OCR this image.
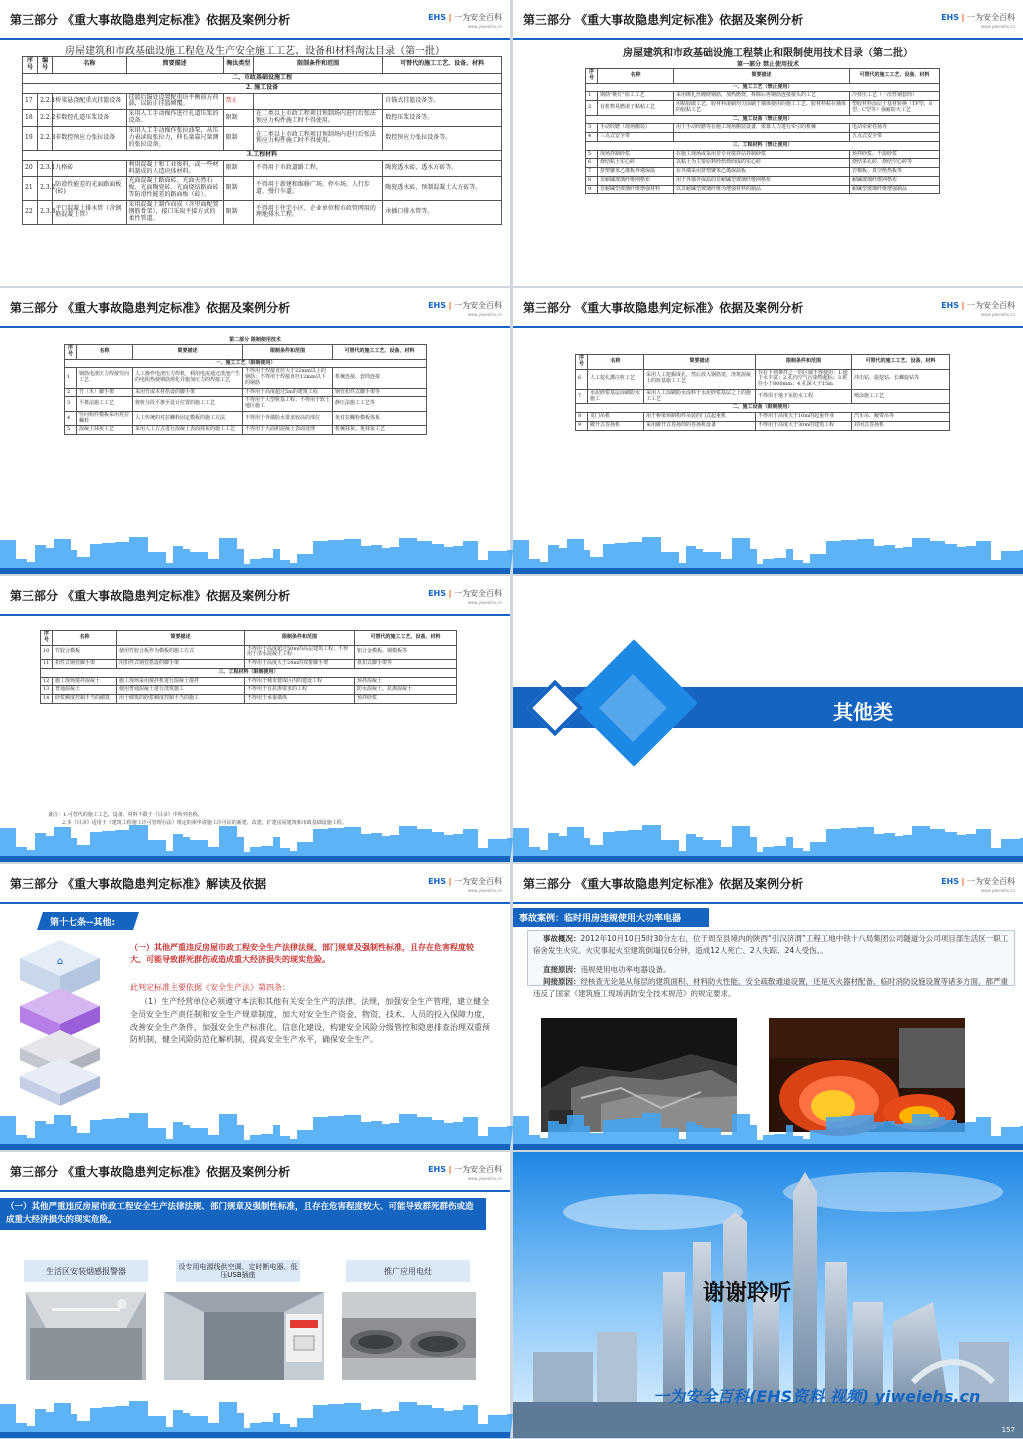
第三部分 《重大事故隐患判定标准》依据及案例分析	EHS | 一为安全百科
www.yiweiehs.cn
房屋建筑和市政基础设施工程危及生产安全施工工艺、设备和材料淘汰目录（第一批）
序号	编号	名称	简要描述	淘汰类型	限制条件和范围	可替代的施工工艺、设备、材料
二、市政基础设施工程						
2. 施工设备						
17	2.2.1	桥梁悬浇配重式挂篮设备	挂篮后锚处设置配重块平衡前方荷载，以防止挂篮倾覆。	禁止		自锚式挂篮设备等。
18	2.2.2	非数控孔道压浆设备	采用人工手动操作进行孔道压浆的设备。	限制	在二类以上市政工程项目预制场内进行后张法预应力构件施工时不得使用。	数控压浆设备等。
19	2.2.3	非数控预应力张拉设备	采用人工手动操作张拉油泵，从压力表读取张拉力，伸长量靠尺量测的张拉设备。	限制	在二类以上市政工程项目预制场内进行后张法预应力构件施工时不得使用。	数控预应力张拉设备等。
3.工程材料						
20	2.3.1	九格砖	利用混凝土和工业废料，或一些材料制成的人造块体材料。	限制	不得用于市政道路工程。	陶瓷透水砖、透水方砖等。
21	2.3.2	防滑性能差的光面路面板(砖)	光面混凝土路面砖、光面天然石板、光面陶瓷砖、光面烧结路面砖等防滑性能差的路面板（砖）。	限制	不得用于新建和维修广场、停车场、人行步道、慢行车道。	陶瓷透水砖、预制混凝土大方砖等。
22	2.3.3	平口混凝土排水管（含钢筋混凝土管）	采用混凝土制作而成（含里面配置钢筋骨架），接口采取平接方式的柔性管道。	限制	不得用于住宅小区、企业单位和市政管网用的埋地排水工程。	承插口排水管等。
第三部分 《重大事故隐患判定标准》依据及案例分析	EHS | 一为安全百科
www.yiweiehs.cn
房屋建筑和市政基础设施工程禁止和限制使用技术目录（第二批）
第一部分 禁止使用技术
序号	名称	简要描述	可替代的施工工艺、设备、材料
一、施工工艺（禁止使用）			
1	钢筋"挑灯"加工工艺	采用绑扎丝缠绕钢筋，加热燃烧，拆除后再钢筋连接接头的工艺	冷挤压工艺（一次性钢套筒）
2	有机物易燃滚子粘帖工艺	用粘胶做工艺、胶材料滚刷均匀涂刷于墙体使用的施工工艺、胶材料粘在墙体的胶粘工艺	塑胶材料涂层于基材转换（TF型、S型、C型等）强耐防火工艺
二、施工设备（禁止使用）			
3	手动绞磨（现场搬装）	用于手动绞磨等在施工现场搬装设备，依靠人力进行牵引的机械	电动牵索卷扬等
4	三点式安全带		五点式安全带
三、工程材料（禁止使用）			
5	现场拌制砂浆	在施工现场或采用非专业搅拌站拌制砂浆	预拌砂浆、干混砂浆
6	烧结粘土实心砖	以粘土为主要原料经焙烧而成的实心砖	烧结多孔砖、烧结空心砖等
7	挤塑聚苯乙烯板外墙保温	在外墙采用挤塑聚苯乙烯保温板	岩棉板、真空绝热板等
8	非耐碱玻璃纤维网格布	用于外墙外保温的非耐碱型玻璃纤维网格布	耐碱玻璃纤维网格布
9	非耐碱型玻璃纤维增强材料	以非耐碱型玻璃纤维为增强材料的制品	耐碱型玻璃纤维增强制品
第三部分 《重大事故隐患判定标准》依据及案例分析	EHS | 一为安全百科
www.yiweiehs.cn
第二部分 限制使用技术
序号	名称	简要描述	限制条件和范围	可替代的施工工艺、设备、材料
一、施工工艺（限制使用）				
1	钢筋电渣压力焊接竖向工艺	人工操作电渣压力焊机，利用电流通过渣池产生的电阻热使钢筋熔化并施加压力的焊接工艺	不得用于焊接直径大于22mm以上的钢筋；不得用于焊接直径12mm以下的钢筋	机械连接、套筒连接
2	竹（木）脚手架	采用竹或木材搭设的脚手架	不得用于高度超过5m的建筑工程	钢管扣件式脚手架等
3	平推法施工工艺	将桩分段平推至设计位置的施工工艺	不得用于大型桩基工程；不得用于软土地区施工	静压法施工工艺等
4	竖向构件模板采用对拉螺栓	人工传统的对拉螺栓固定模板的施工方法	不得用于外墙防水要求较高的部位	免对拉螺栓模板体系
5	混凝土抹灰工艺	采用人工方式进行混凝土表面抹灰的施工工艺	不得用于大面积混凝土表面处理	机械抹灰、免抹灰工艺
第三部分 《重大事故隐患判定标准》依据及案例分析	EHS | 一为安全百科
www.yiweiehs.cn
序号	名称	简要描述	限制条件和范围	可替代的施工工艺、设备、材料
6	人工挖孔灌注桩工艺	采用人工挖掘成孔，然后放入钢筋笼，浇筑混凝土的桩基施工工艺	存在下列条件之一的区域不得使用：1.地下水丰富；2.孔内空气污染物超标；3.桩径小于800mm；4.孔深大于15m	冲击钻、旋挖钻、长螺旋钻等
7	水泥砂浆基层涂刷防水施工	采用人工涂刷防水涂料于水泥砂浆基层之上的施工工艺	不得用于地下室防水工程	喷涂施工工艺
二、施工设备（限制使用）				
8	龙门吊机	用于桥梁预制构件吊装的门式起重机	不得用于高度大于10m的起重作业	汽车吊、履带吊等
9	敞开式卷扬机	采用敞开式卷扬筒的卷扬机设备	不得用于高度大于30m的建筑工程	封闭式卷扬机
第三部分 《重大事故隐患判定标准》依据及案例分析	EHS | 一为安全百科
www.yiweiehs.cn
序号	名称	简要描述	限制条件和范围	可替代的施工工艺、设备、材料
10	竹胶合模板	使用竹胶合板作为模板的施工方式	不得用于高度超过50m的高层建筑工程；不得用于清水混凝土工程	铝合金模板、钢模板等
11	扣件式钢管脚手架	用扣件式钢管搭设的脚手架	不得用于高度大于24m的双排脚手架	盘扣式脚手架等
三、工程材料（限制使用）				
12	施工现场搅拌混凝土	施工现场采用搅拌机进行混凝土搅拌	不得用于城市建成区内的建设工程	预拌混凝土
13	普通混凝土	使用普通混凝土进行浇筑施工	不得用于有抗渗要求的工程	防水混凝土、抗渗混凝土
14	砂浆稠度控制不当的砌筑	用于砌筑的砂浆稠度控制不当的施工	不得用于承重墙体	预拌砂浆
备注：1.可替代的施工工艺、设备、材料不限于《目录》中所列名称。
2.本《目录》适用于《建筑工程施工许可管理办法》规定的须申请施工许可证的新建、改建、扩建房屋建筑和市政基础设施工程。
其他类
第三部分 《重大事故隐患判定标准》解读及依据	EHS | 一为安全百科
www.yiweiehs.cn
第十七条--其他:
⌂
（一）其他严重违反房屋市政工程安全生产法律法规、部门规章及强制性标准，且存在危害程度较大、可能导致群死群伤或造成重大经济损失的现实危险。
此判定标准主要依据《安全生产法》第四条：
（1）生产经营单位必须遵守本法和其他有关安全生产的法律、法规，加强安全生产管理，建立健全全员安全生产责任制和安全生产规章制度，加大对安全生产资金、物资、技术、人员的投入保障力度，改善安全生产条件，加强安全生产标准化、信息化建设，构建安全风险分级管控和隐患排查治理双重预防机制，健全风险防范化解机制，提高安全生产水平，确保安全生产。
第三部分 《重大事故隐患判定标准》依据及案例分析	EHS | 一为安全百科
www.yiweiehs.cn
事故案例：临时用房违规使用大功率电器
事故概况：2012年10月10日5时30分左右，位于周至县境内的陕西“引汉济渭”工程工地中铁十八局集团公司隧道分公司项目部生活区一职工宿舍发生火灾。火灾事起火至建筑倒塌仅6分钟，造成12人死亡、2人失踪、24人受伤。。
直接原因：违规使用电功率电器设备。
间接原因：经核查无论是从每层的建筑面积、材料防火性能、安全疏散通道设置，还是灭火器材配备、临时消防设施设置等诸多方面，都严重违反了国家《建筑施工现场消防安全技术规范》的规定要求。
第三部分 《重大事故隐患判定标准》依据及案例分析	EHS | 一为安全百科
www.yiweiehs.cn
（一）其他严重违反房屋市政工程安全生产法律法规、部门规章及强制性标准，且存在危害程度较大、可能导致群死群伤或造成重大经济损失的现实危险。
生活区安装烟感报警器	设专用电源线供空调、定时断电器、低压USB插座	推广应用电灶
谢谢聆听
一为安全百科(EHS资料 视频) yiweiehs.cn
157
